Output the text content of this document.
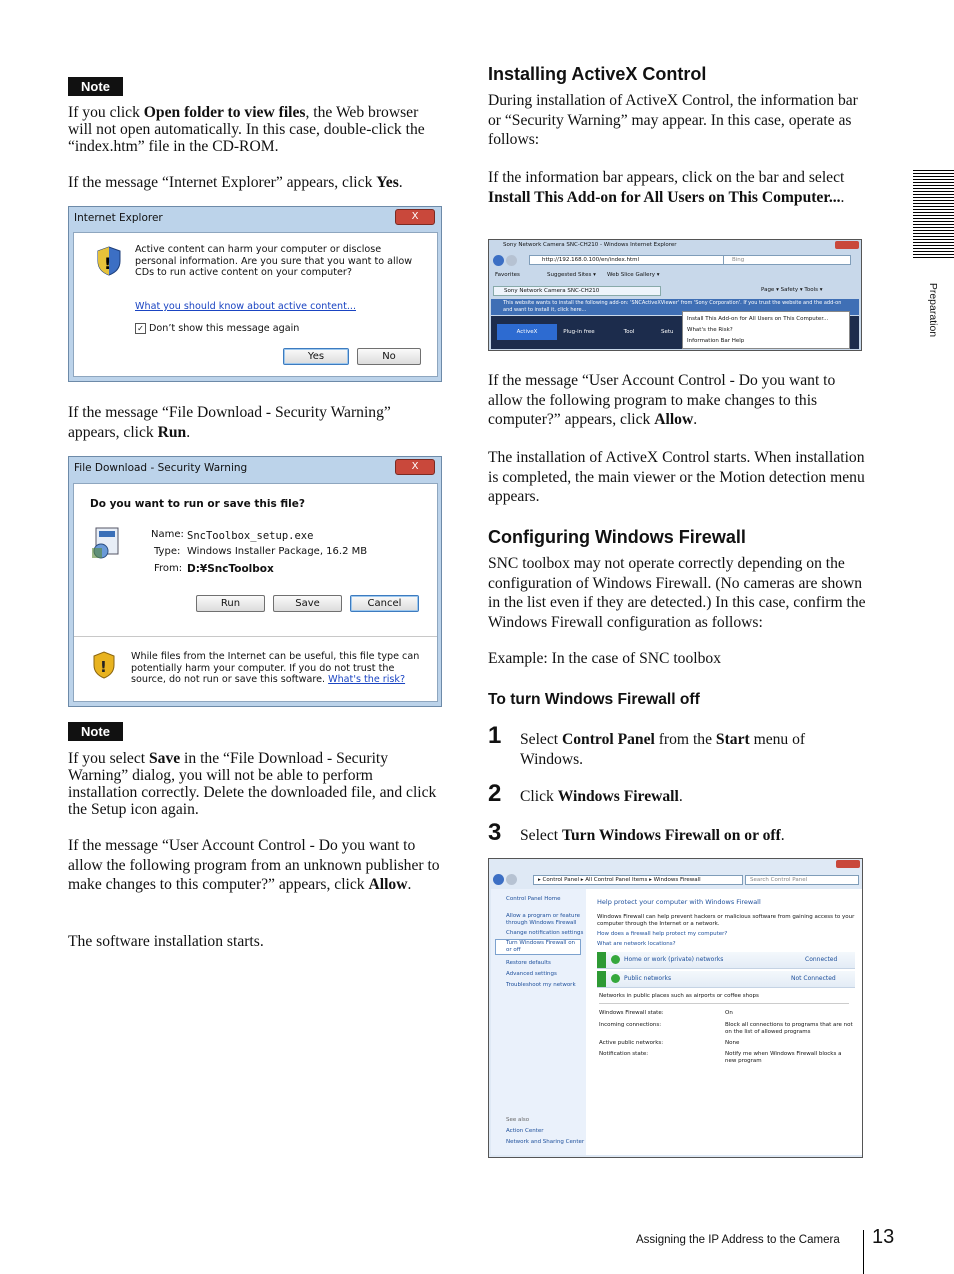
Note

If you click Open folder to view files, the Web browser will not open automatically. In this case, double-click the “index.htm” file in the CD-ROM.

If the message “Internet Explorer” appears, click Yes.

Internet Explorer	X
!
Active content can harm your computer or disclose personal information. Are you sure that you want to allow CDs to run active content on your computer?
What you should know about active content...
✓ Don’t show this message again
Yes	No

If the message “File Download - Security Warning” appears, click Run.

File Download - Security Warning	X
Do you want to run or save this file?
Name: SncToolbox_setup.exe
Type: Windows Installer Package, 16.2 MB
From: D:¥SncToolbox
Run	Save	Cancel
!
While files from the Internet can be useful, this file type can potentially harm your computer. If you do not trust the source, do not run or save this software. What's the risk?
Note

If you select Save in the “File Download - Security Warning” dialog, you will not be able to perform installation correctly. Delete the downloaded file, and click the Setup icon again.

If the message “User Account Control - Do you want to allow the following program from an unknown publisher to make changes to this computer?” appears, click Allow.

The software installation starts.

Installing ActiveX Control

During installation of ActiveX Control, the information bar or “Security Warning” may appear. In this case, operate as follows:

If the information bar appears, click on the bar and select Install This Add-on for All Users on This Computer....

Sony Network Camera SNC-CH210 - Windows Internet Explorer
http://192.168.0.100/en/index.html	Bing
Favorites	Suggested Sites ▾ Web Slice Gallery ▾
Sony Network Camera SNC-CH210	Page ▾ Safety ▾ Tools ▾
This website wants to install the following add-on: 'SNCActiveXViewer' from 'Sony Corporation'. If you trust the website and the add-on and want to install it, click here...
ActiveX	Plug-in free	Tool	Setu
Install This Add-on for All Users on This Computer...
What's the Risk?
Information Bar Help

If the message “User Account Control - Do you want to allow the following program to make changes to this computer?” appears, click Allow.

The installation of ActiveX Control starts. When installation is completed, the main viewer or the Motion detection menu appears.

Configuring Windows Firewall

SNC toolbox may not operate correctly depending on the configuration of Windows Firewall. (No cameras are shown in the list even if they are detected.) In this case, confirm the Windows Firewall configuration as follows:

Example: In the case of SNC toolbox

To turn Windows Firewall off
1 Select Control Panel from the Start menu of Windows.

2 Click Windows Firewall.

3 Select Turn Windows Firewall on or off.

▸ Control Panel ▸ All Control Panel Items ▸ Windows Firewall	Search Control Panel
Control Panel Home
Allow a program or feature through Windows Firewall
Change notification settings
Turn Windows Firewall on or off
Restore defaults
Advanced settings
Troubleshoot my network
See also
Action Center
Network and Sharing Center
Help protect your computer with Windows Firewall
Windows Firewall can help prevent hackers or malicious software from gaining access to your computer through the Internet or a network.
How does a firewall help protect my computer?
What are network locations?
Home or work (private) networks	Connected
Public networks	Not Connected
Networks in public places such as airports or coffee shops
Windows Firewall state:	On
Incoming connections:	Block all connections to programs that are not on the list of allowed programs
Active public networks:	None
Notification state:	Notify me when Windows Firewall blocks a new program
Preparation
Assigning the IP Address to the Camera 13
